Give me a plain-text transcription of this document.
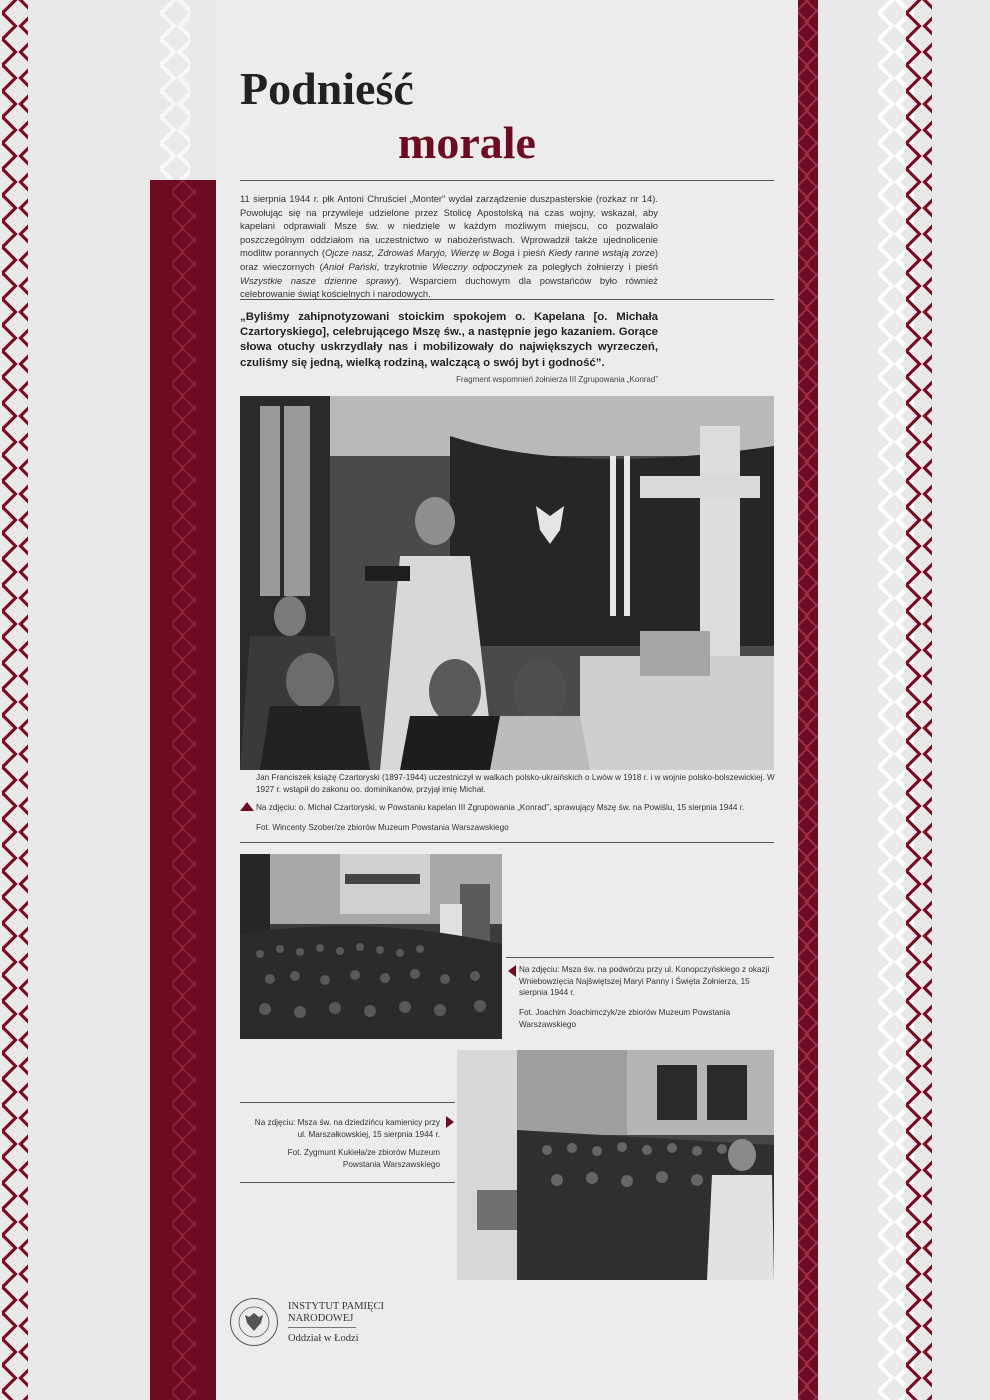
Podnieść
morale
11 sierpnia 1944 r. płk Antoni Chruściel „Monter” wydał zarządzenie duszpasterskie (rozkaz nr 14). Powołując się na przywileje udzielone przez Stolicę Apostolską na czas wojny, wskazał, aby kapelani odprawiali Msze św. w niedziele w każdym możliwym miejscu, co pozwalało poszczególnym oddziałom na uczestnictwo w nabożeństwach. Wprowadził także ujednolicenie modlitw porannych (Ojcze nasz, Zdrowaś Maryjo, Wierzę w Boga i pieśń Kiedy ranne wstają zorze) oraz wieczornych (Anioł Pański, trzykrotnie Wieczny odpoczynek za poległych żołnierzy i pieśń Wszystkie nasze dzienne sprawy). Wsparciem duchowym dla powstańców było również celebrowanie świąt kościelnych i narodowych.
„Byliśmy zahipnotyzowani stoickim spokojem o. Kapelana [o. Michała Czartoryskiego], celebrującego Mszę św., a następnie jego kazaniem. Gorące słowa otuchy uskrzydlały nas i mobilizowały do największych wyrzeczeń, czuliśmy się jedną, wielką rodziną, walczącą o swój byt i godność”.
Fragment wspomnień żołnierza III Zgrupowania „Konrad”
Jan Franciszek książę Czartoryski (1897-1944) uczestniczył w walkach polsko-ukraińskich o Lwów w 1918 r. i w wojnie polsko-bolszewickiej. W 1927 r. wstąpił do zakonu oo. dominikanów, przyjął imię Michał.
Na zdjęciu: o. Michał Czartoryski, w Powstaniu kapelan III Zgrupowania „Konrad”, sprawujący Mszę św. na Powiślu, 15 sierpnia 1944 r.
Fot. Wincenty Szober/ze zbiorów Muzeum Powstania Warszawskiego
Na zdjęciu: Msza św. na podwórzu przy ul. Konopczyńskiego z okazji Wniebowzięcia Najświętszej Maryi Panny i Święta Żołnierza, 15 sierpnia 1944 r.
Fot. Joachim Joachimczyk/ze zbiorów Muzeum Powstania Warszawskiego
Na zdjęciu: Msza św. na dziedzińcu kamienicy przy ul. Marszałkowskiej, 15 sierpnia 1944 r.
Fot. Zygmunt Kukieła/ze zbiorów Muzeum Powstania Warszawskiego
INSTYTUT PAMIĘCI
NARODOWEJ
Oddział w Łodzi
